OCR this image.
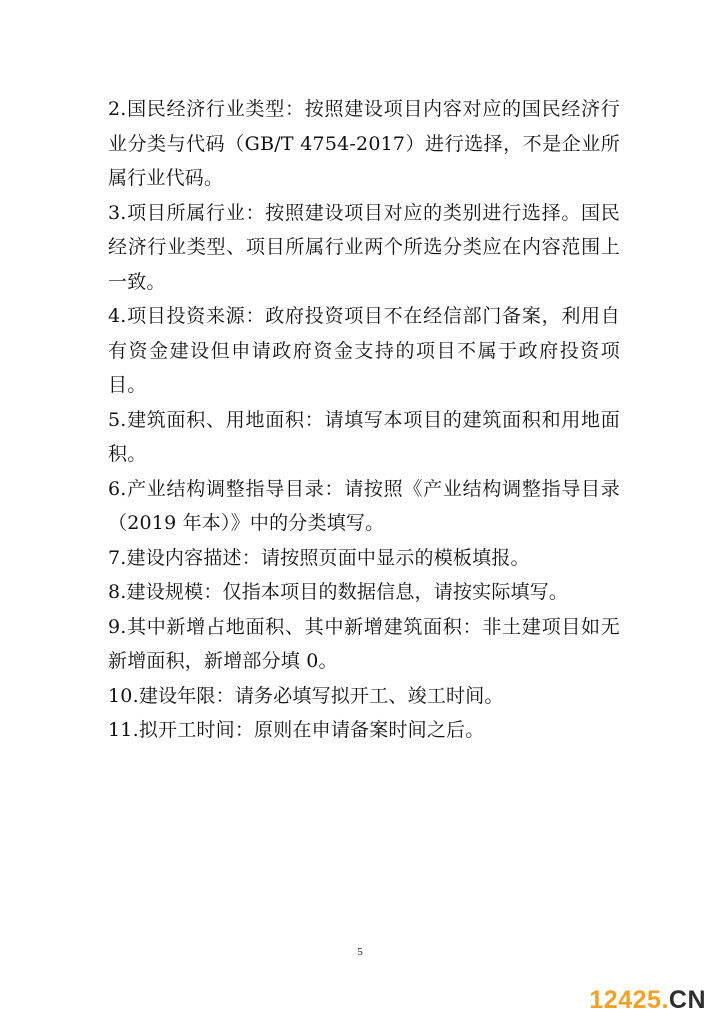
2.国民经济行业类型：按照建设项目内容对应的国民经济行业分类与代码（GB/T 4754-2017）进行选择，不是企业所属行业代码。

3.项目所属行业：按照建设项目对应的类别进行选择。国民经济行业类型、项目所属行业两个所选分类应在内容范围上一致。

4.项目投资来源：政府投资项目不在经信部门备案，利用自有资金建设但申请政府资金支持的项目不属于政府投资项目。

5.建筑面积、用地面积：请填写本项目的建筑面积和用地面积。

6.产业结构调整指导目录：请按照《产业结构调整指导目录（2019 年本）》中的分类填写。

7.建设内容描述：请按照页面中显示的模板填报。

8.建设规模：仅指本项目的数据信息，请按实际填写。

9.其中新增占地面积、其中新增建筑面积：非土建项目如无新增面积，新增部分填 0。

10.建设年限：请务必填写拟开工、竣工时间。

11.拟开工时间：原则在申请备案时间之后。

5
12425.CN
